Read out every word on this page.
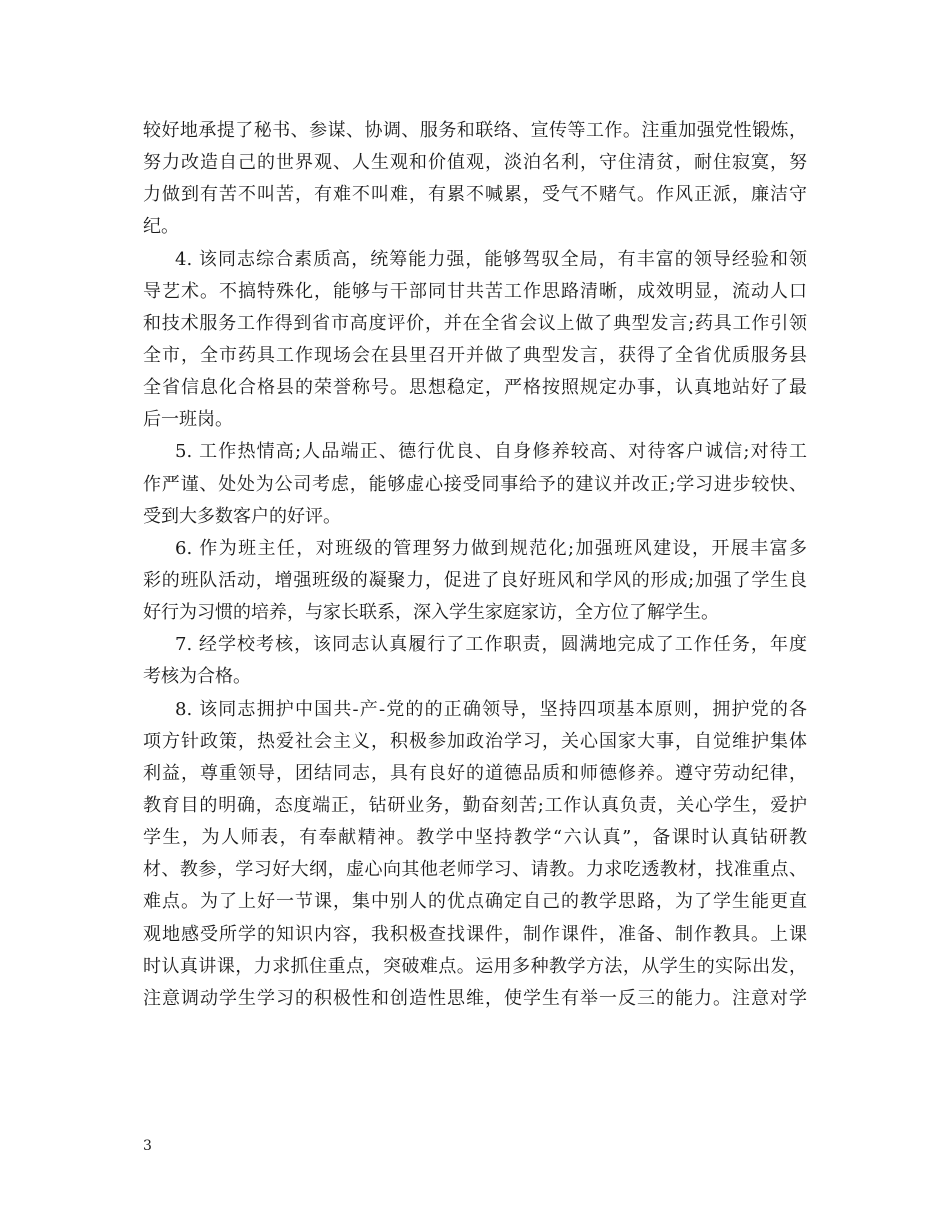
较好地承提了秘书、参谋、协调、服务和联络、宣传等工作。注重加强党性锻炼，
努力改造自己的世界观、人生观和价值观，淡泊名利，守住清贫，耐住寂寞，努
力做到有苦不叫苦，有难不叫难，有累不喊累，受气不赌气。作风正派，廉洁守
纪。
4. 该同志综合素质高，统筹能力强，能够驾驭全局，有丰富的领导经验和领
导艺术。不搞特殊化，能够与干部同甘共苦工作思路清晰，成效明显，流动人口
和技术服务工作得到省市高度评价，并在全省会议上做了典型发言;药具工作引领
全市，全市药具工作现场会在县里召开并做了典型发言，获得了全省优质服务县
全省信息化合格县的荣誉称号。思想稳定，严格按照规定办事，认真地站好了最
后一班岗。
5. 工作热情高;人品端正、德行优良、自身修养较高、对待客户诚信;对待工
作严谨、处处为公司考虑，能够虚心接受同事给予的建议并改正;学习进步较快、
受到大多数客户的好评。
6. 作为班主任，对班级的管理努力做到规范化;加强班风建设，开展丰富多
彩的班队活动，增强班级的凝聚力，促进了良好班风和学风的形成;加强了学生良
好行为习惯的培养，与家长联系，深入学生家庭家访，全方位了解学生。
7. 经学校考核，该同志认真履行了工作职责，圆满地完成了工作任务，年度
考核为合格。
8. 该同志拥护中国共-产-党的的正确领导，坚持四项基本原则，拥护党的各
项方针政策，热爱社会主义，积极参加政治学习，关心国家大事，自觉维护集体
利益，尊重领导，团结同志，具有良好的道德品质和师德修养。遵守劳动纪律，
教育目的明确，态度端正，钻研业务，勤奋刻苦;工作认真负责，关心学生，爱护
学生，为人师表，有奉献精神。教学中坚持教学“六认真”，备课时认真钻研教
材、教参，学习好大纲，虚心向其他老师学习、请教。力求吃透教材，找准重点、
难点。为了上好一节课，集中别人的优点确定自己的教学思路，为了学生能更直
观地感受所学的知识内容，我积极查找课件，制作课件，准备、制作教具。上课
时认真讲课，力求抓住重点，突破难点。运用多种教学方法，从学生的实际出发，
注意调动学生学习的积极性和创造性思维，使学生有举一反三的能力。注意对学
3
